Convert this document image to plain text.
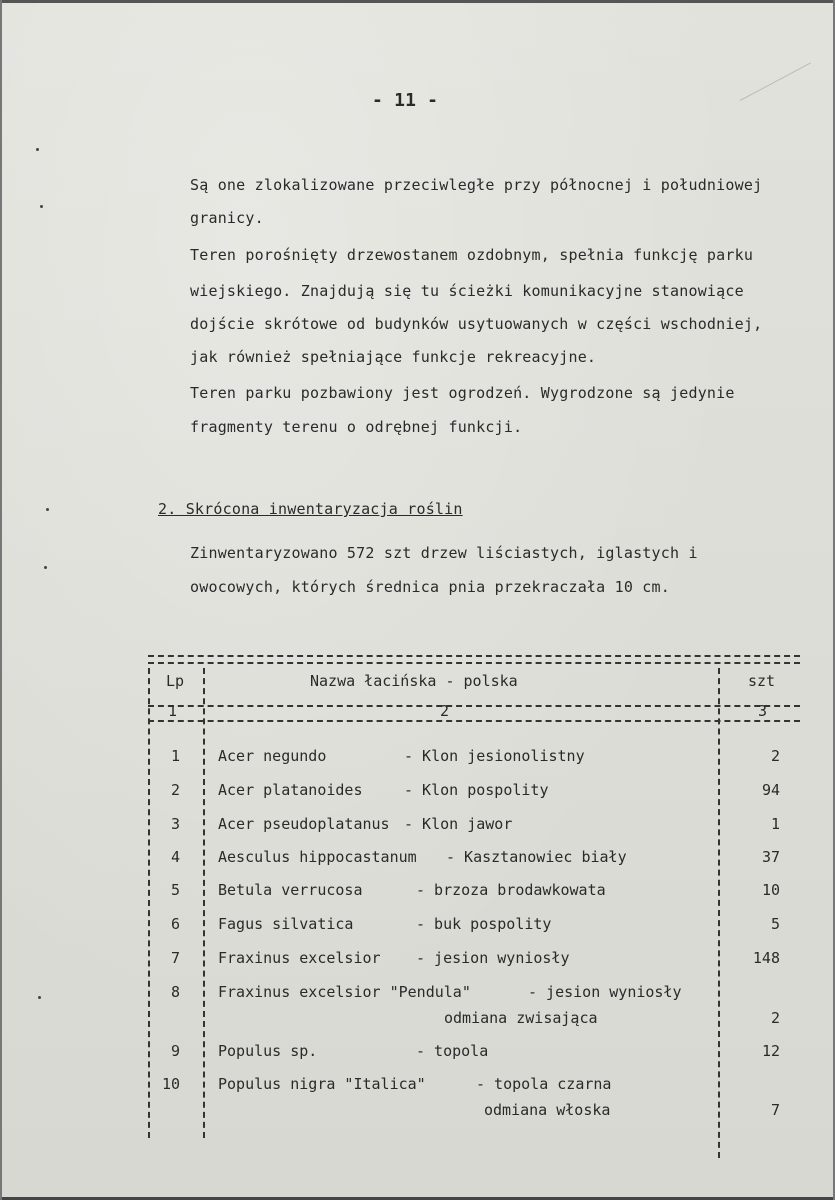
- 11 -
Są one zlokalizowane przeciwległe przy północnej i południowej
granicy.
Teren porośnięty drzewostanem ozdobnym, spełnia funkcję parku
wiejskiego. Znajdują się tu ścieżki komunikacyjne stanowiące
dojście skrótowe od budynków usytuowanych w części wschodniej,
jak również spełniające funkcje rekreacyjne.
Teren parku pozbawiony jest ogrodzeń. Wygrodzone są jedynie
fragmenty terenu o odrębnej funkcji.
2. Skrócona inwentaryzacja roślin
Zinwentaryzowano 572 szt drzew liściastych, iglastych i
owocowych, których średnica pnia przekraczała 10 cm.
Lp	Nazwa łacińska - polska	szt
1	2	3
1	Acer negundo	- Klon jesionolistny	2
2	Acer platanoides	- Klon pospolity	94
3	Acer pseudoplatanus - Klon jawor	1
4	Aesculus hippocastanum - Kasztanowiec biały	37
5	Betula verrucosa	- brzoza brodawkowata	10
6	Fagus silvatica	- buk pospolity	5
7	Fraxinus excelsior - jesion wyniosły	148
8	Fraxinus excelsior "Pendula"	- jesion wyniosły
odmiana zwisająca	2
9	Populus sp.	- topola	12
10	Populus nigra "Italica"	- topola czarna
odmiana włoska	7
